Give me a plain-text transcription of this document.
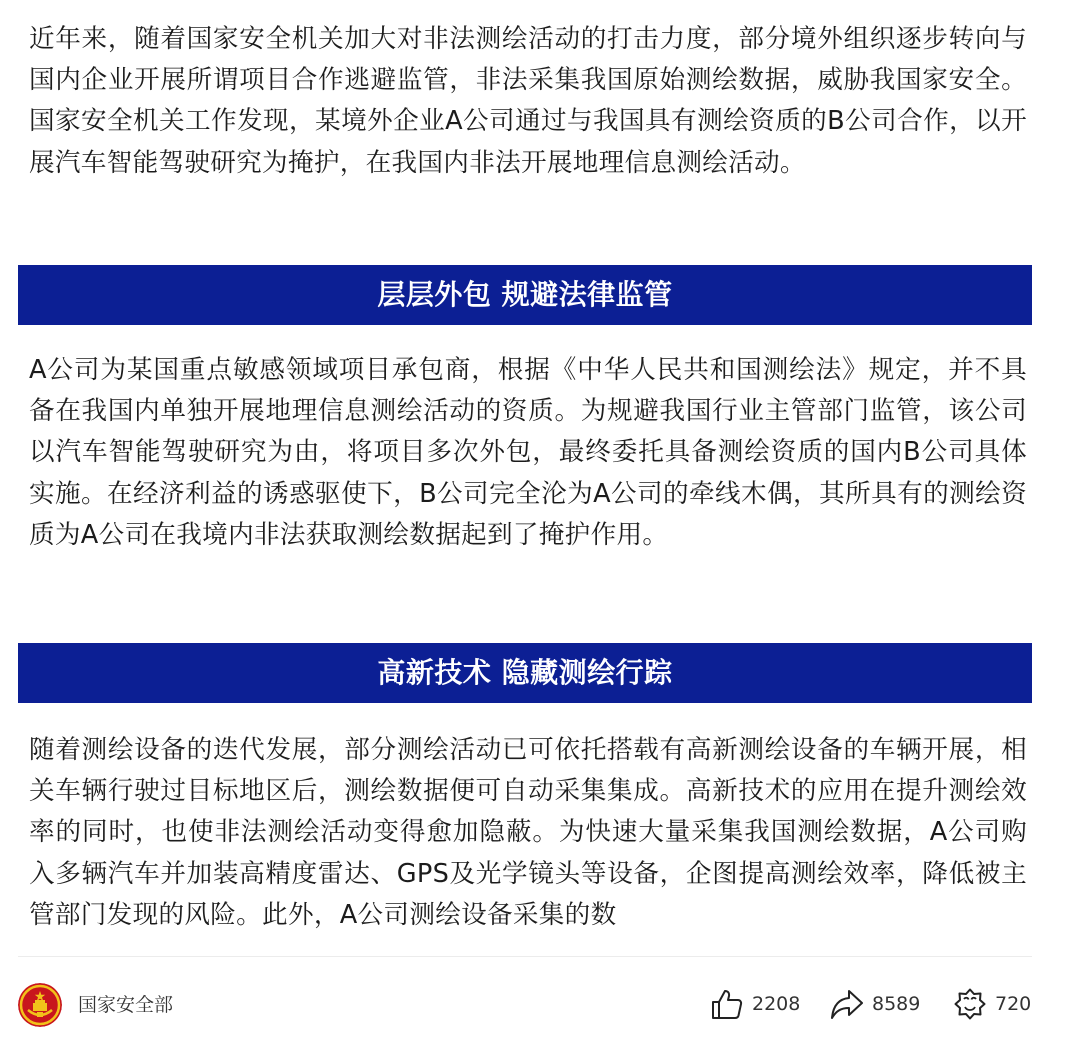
近年来，随着国家安全机关加大对非法测绘活动的打击力度，部分境外组织逐步转向与国内企业开展所谓项目合作逃避监管，非法采集我国原始测绘数据，威胁我国家安全。国家安全机关工作发现，某境外企业A公司通过与我国具有测绘资质的B公司合作，以开展汽车智能驾驶研究为掩护，在我国内非法开展地理信息测绘活动。

层层外包 规避法律监管

A公司为某国重点敏感领域项目承包商，根据《中华人民共和国测绘法》规定，并不具备在我国内单独开展地理信息测绘活动的资质。为规避我国行业主管部门监管，该公司以汽车智能驾驶研究为由，将项目多次外包，最终委托具备测绘资质的国内B公司具体实施。在经济利益的诱惑驱使下，B公司完全沦为A公司的牵线木偶，其所具有的测绘资质为A公司在我境内非法获取测绘数据起到了掩护作用。

高新技术 隐藏测绘行踪

随着测绘设备的迭代发展，部分测绘活动已可依托搭载有高新测绘设备的车辆开展，相关车辆行驶过目标地区后，测绘数据便可自动采集集成。高新技术的应用在提升测绘效率的同时，也使非法测绘活动变得愈加隐蔽。为快速大量采集我国测绘数据，A公司购入多辆汽车并加装高精度雷达、GPS及光学镜头等设备，企图提高测绘效率，降低被主管部门发现的风险。此外，A公司测绘设备采集的数

国家安全部	2208	8589	720
